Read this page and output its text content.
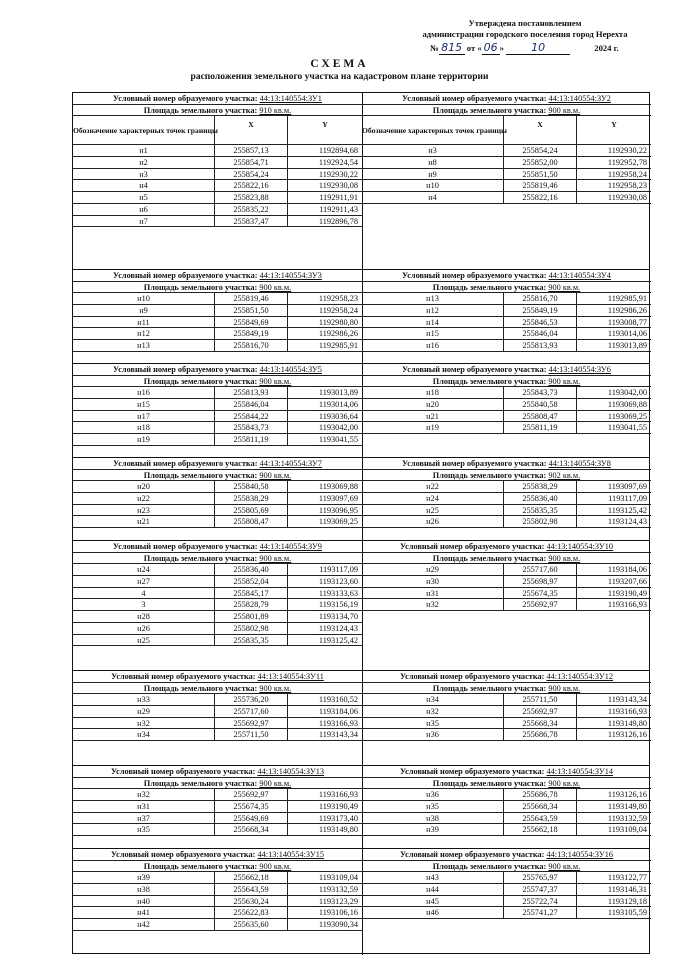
Утверждена постановлением
администрации городского поселения город Нерехта
№ 815 от « 06 » 10	2024 г.
СХЕМА
расположения земельного участка на кадастровом плане территории
Условный номер образуемого участка: 44:13:140554:ЗУ1
Площадь земельного участка: 910 кв.м.
Обозначение характерных точек границы
X	Y
н1	255857,13	1192894,68
н2	255854,71	1192924,54
н3	255854,24	1192930,22
н4	255822,16	1192930,08
н5	255823,88	1192911,91
н6	255835,22	1192911,43
н7	255837,47	1192896,78
Условный номер образуемого участка: 44:13:140554:ЗУ2
Площадь земельного участка: 900 кв.м.
Обозначение характерных точек границы
X	Y
н3	255854,24	1192930,22
н8	255852,00	1192952,78
н9	255851,50	1192958,24
н10	255819,46	1192958,23
н4	255822,16	1192930,08
Условный номер образуемого участка: 44:13:140554:ЗУ3
Площадь земельного участка: 900 кв.м.
н10	255819,46	1192958,23
н9	255851,50	1192958,24
н11	255849,69	1192980,80
н12	255849,19	1192986,26
н13	255816,70	1192985,91
Условный номер образуемого участка: 44:13:140554:ЗУ4
Площадь земельного участка: 900 кв.м.
н13	255816,70	1192985,91
н12	255849,19	1192986,26
н14	255846,53	1193008,77
н15	255846,04	1193014,06
н16	255813,93	1193013,89
Условный номер образуемого участка: 44:13:140554:ЗУ5
Площадь земельного участка: 900 кв.м.
н16	255813,93	1193013,89
н15	255846,04	1193014,06
н17	255844,22	1193036,64
н18	255843,73	1193042,00
н19	255811,19	1193041,55
Условный номер образуемого участка: 44:13:140554:ЗУ6
Площадь земельного участка: 900 кв.м.
н18	255843,73	1193042,00
н20	255840,58	1193069,88
н21	255808,47	1193069,25
н19	255811,19	1193041,55
Условный номер образуемого участка: 44:13:140554:ЗУ7
Площадь земельного участка: 900 кв.м.
н20	255840,58	1193069,88
н22	255838,29	1193097,69
н23	255805,69	1193096,95
н21	255808,47	1193069,25
Условный номер образуемого участка: 44:13:140554:ЗУ8
Площадь земельного участка: 902 кв.м.
н22	255838,29	1193097,69
н24	255836,40	1193117,09
н25	255835,35	1193125,42
н26	255802,98	1193124,43
Условный номер образуемого участка: 44:13:140554:ЗУ9
Площадь земельного участка: 900 кв.м.
н24	255836,40	1193117,09
н27	255852,04	1193123,60
4	255845,17	1193133,63
3	255828,79	1193156,19
н28	255801,89	1193134,70
н26	255802,98	1193124,43
н25	255835,35	1193125,42
Условный номер образуемого участка: 44:13:140554:ЗУ10
Площадь земельного участка: 900 кв.м.
н29	255717,60	1193184,06
н30	255698,97	1193207,66
н31	255674,35	1193190,49
н32	255692,97	1193166,93
Условный номер образуемого участка: 44:13:140554:ЗУ11
Площадь земельного участка: 900 кв.м.
н33	255736,20	1193160,52
н29	255717,60	1193184,06
н32	255692,97	1193166,93
н34	255711,50	1193143,34
Условный номер образуемого участка: 44:13:140554:ЗУ12
Площадь земельного участка: 900 кв.м.
н34	255711,50	1193143,34
н32	255692,97	1193166,93
н35	255668,34	1193149,80
н36	255686,78	1193126,16
Условный номер образуемого участка: 44:13:140554:ЗУ13
Площадь земельного участка: 900 кв.м.
н32	255692,97	1193166,93
н31	255674,35	1193190,49
н37	255649,69	1193173,40
н35	255668,34	1193149,80
Условный номер образуемого участка: 44:13:140554:ЗУ14
Площадь земельного участка: 900 кв.м.
н36	255686,78	1193126,16
н35	255668,34	1193149,80
н38	255643,59	1193132,59
н39	255662,18	1193109,04
Условный номер образуемого участка: 44:13:140554:ЗУ15
Площадь земельного участка: 900 кв.м.
н39	255662,18	1193109,04
н38	255643,59	1193132,59
н40	255630,24	1193123,29
н41	255622,83	1193106,16
н42	255635,60	1193090,34
Условный номер образуемого участка: 44:13:140554:ЗУ16
Площадь земельного участка: 900 кв.м.
н43	255765,97	1193122,77
н44	255747,37	1193146,31
н45	255722,74	1193129,18
н46	255741,27	1193105,59
